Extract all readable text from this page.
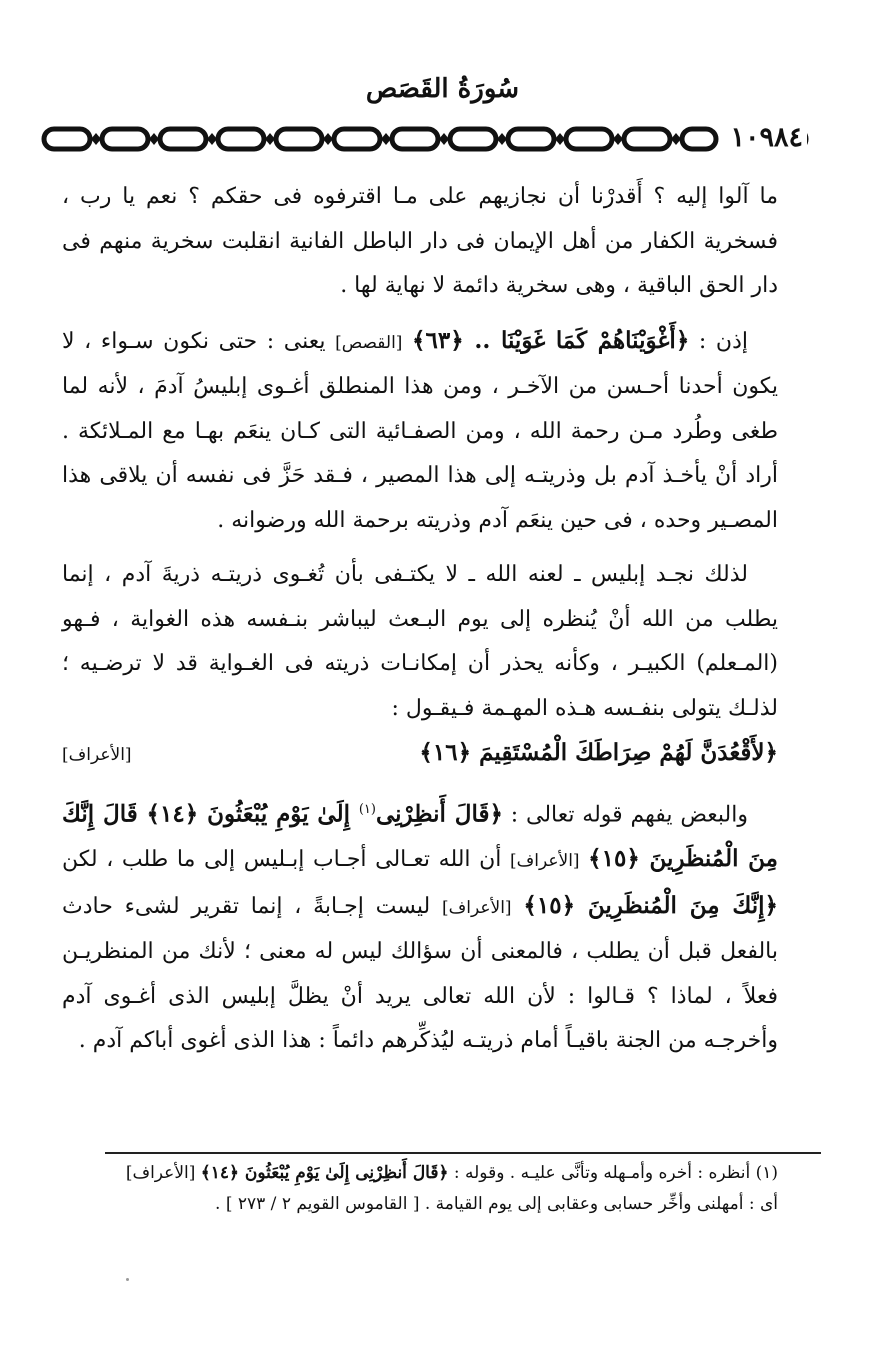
سُورَةُ القَصَص
١٠٩٨٤

ما آلوا إليه ؟ أَقدرْنا أن نجازيهم على مـا اقترفوه فى حقكم ؟ نعم يا رب ، فسخرية الكفار من أهل الإيمان فى دار الباطل الفانية انقلبت سخرية منهم فى دار الحق الباقية ، وهى سخرية دائمة لا نهاية لها .

إذن : ﴿أَغْوَيْنَاهُمْ كَمَا غَوَيْنَا .. ﴿٦٣﴾ [القصص] يعنى : حتى نكون سـواء ، لا يكون أحدنا أحـسن من الآخـر ، ومن هذا المنطلق أغـوى إبليسُ آدمَ ، لأنه لما طغى وطُرد مـن رحمة الله ، ومن الصفـائية التى كـان ينعَم بهـا مع المـلائكة . أراد أنْ يأخـذ آدم بل وذريتـه إلى هذا المصير ، فـقد حَزَّ فى نفسه أن يلاقى هذا المصـير وحده ، فى حين ينعَم آدم وذريته برحمة الله ورضوانه .

لذلك نجـد إبليس ـ لعنه الله ـ لا يكتـفى بأن تُغـوى ذريتـه ذريةَ آدم ، إنما يطلب من الله أنْ يُنظره إلى يوم البـعث ليباشر بنـفسه هذه الغواية ، فـهو (المـعلم) الكبيـر ، وكأنه يحذر أن إمكانـات ذريته فى الغـواية قد لا ترضـيه ؛ لذلـك يتولى بنفـسه هـذه المهـمة فـيقـول :

﴿لأَقْعُدَنَّ لَهُمْ صِرَاطَكَ الْمُسْتَقِيمَ ﴿١٦﴾
[الأعراف]

والبعض يفهم قوله تعالى : ﴿قَالَ أَنظِرْنِى$^{(١)}$ إِلَىٰ يَوْمِ يُبْعَثُونَ ﴿١٤﴾ قَالَ إِنَّكَ مِنَ الْمُنظَرِينَ ﴿١٥﴾ [الأعراف] أن الله تعـالى أجـاب إبـليس إلى ما طلب ، لكن ﴿إِنَّكَ مِنَ الْمُنظَرِينَ ﴿١٥﴾ [الأعراف] ليست إجـابةً ، إنما تقرير لشىء حادث بالفعل قبل أن يطلب ، فالمعنى أن سؤالك ليس له معنى ؛ لأنك من المنظريـن فعلاً ، لماذا ؟ قـالوا : لأن الله تعالى يريد أنْ يظلَّ إبليس الذى أغـوى آدم وأخرجـه من الجنة باقيـاً أمام ذريتـه ليُذكِّرهم دائماً : هذا الذى أغوى أباكم آدم .

(١) أنظره : أخره وأمـهله وتأنَّى عليـه . وقوله : ﴿قَالَ أَنظِرْنِى إِلَىٰ يَوْمِ يُبْعَثُونَ ﴿١٤﴾ [الأعراف]

أى : أمهلنى وأخِّر حسابى وعقابى إلى يوم القيامة . [ القاموس القويم ٢ / ٢٧٣ ] .
